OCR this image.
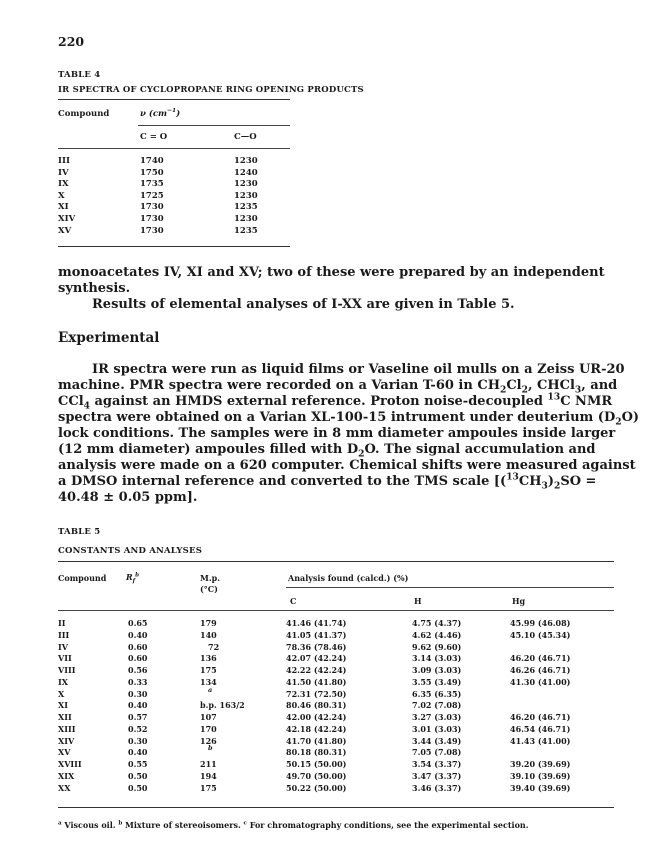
220
TABLE 4
IR SPECTRA OF CYCLOPROPANE RING OPENING PRODUCTS
Compound	ν $(cm^{-1})$
C = O	C—O
III	1740	1230
IV	1750	1240
IX	1735	1230
X	1725	1230
XI	1730	1235
XIV	1730	1230
XV	1730	1235
monoacetates IV, XI and XV; two of these were prepared by an independent
synthesis.
Results of elemental analyses of I-XX are given in Table 5.
Experimental
IR spectra were run as liquid films or Vaseline oil mulls on a Zeiss UR-20
machine. PMR spectra were recorded on a Varian T-60 in $CH_2Cl_2$, CHCl$_3$, and
CCl$_4$ against an HMDS external reference. Proton noise-decoupled $^{13}$C NMR
spectra were obtained on a Varian XL-100-15 intrument under deuterium $(D_2O)$
lock conditions. The samples were in 8 mm diameter ampoules inside larger
(12 mm diameter) ampoules filled with $D_2O$. The signal accumulation and
analysis were made on a 620 computer. Chemical shifts were measured against
a DMSO internal reference and converted to the TMS scale [$(^{13}CH_3)_2SO$ =
40.48 ± 0.05 ppm].
TABLE 5
CONSTANTS AND ANALYSES
Compound $R_f^b$	M.p.
(°C)
Analysis found (calcd.) (%)
C	H	Hg
II	0.65	179	41.46 (41.74)	4.75 (4.37)	45.99 (46.08)
III	0.40	140	41.05 (41.37)	4.62 (4.46)	45.10 (45.34)
IV	0.60	72	78.36 (78.46)	9.62 (9.60)
VII	0.60	136	42.07 (42.24)	3.14 (3.03)	46.20 (46.71)
VIII	0.56	175	42.22 (42.24)	3.09 (3.03)	46.26 (46.71)
IX	0.33	134	41.50 (41.80)	3.55 (3.49)	41.30 (41.00)
X	0.30	a	72.31 (72.50)	6.35 (6.35)
XI	0.40	b.p. 163/2	80.46 (80.31)	7.02 (7.08)
XII	0.57	107	42.00 (42.24)	3.27 (3.03)	46.20 (46.71)
XIII	0.52	170	42.18 (42.24)	3.01 (3.03)	46.54 (46.71)
XIV	0.30	126	41.70 (41.80)	3.44 (3.49)	41.43 (41.00)
XV	0.40	b	80.18 (80.31)	7.05 (7.08)
XVIII	0.55	211	50.15 (50.00)	3.54 (3.37)	39.20 (39.69)
XIX	0.50	194	49.70 (50.00)	3.47 (3.37)	39.10 (39.69)
XX	0.50	175	50.22 (50.00)	3.46 (3.37)	39.40 (39.69)
$^a$ Viscous oil. $^b$ Mixture of stereoisomers. $^c$ For chromatography conditions, see the experimental section.
